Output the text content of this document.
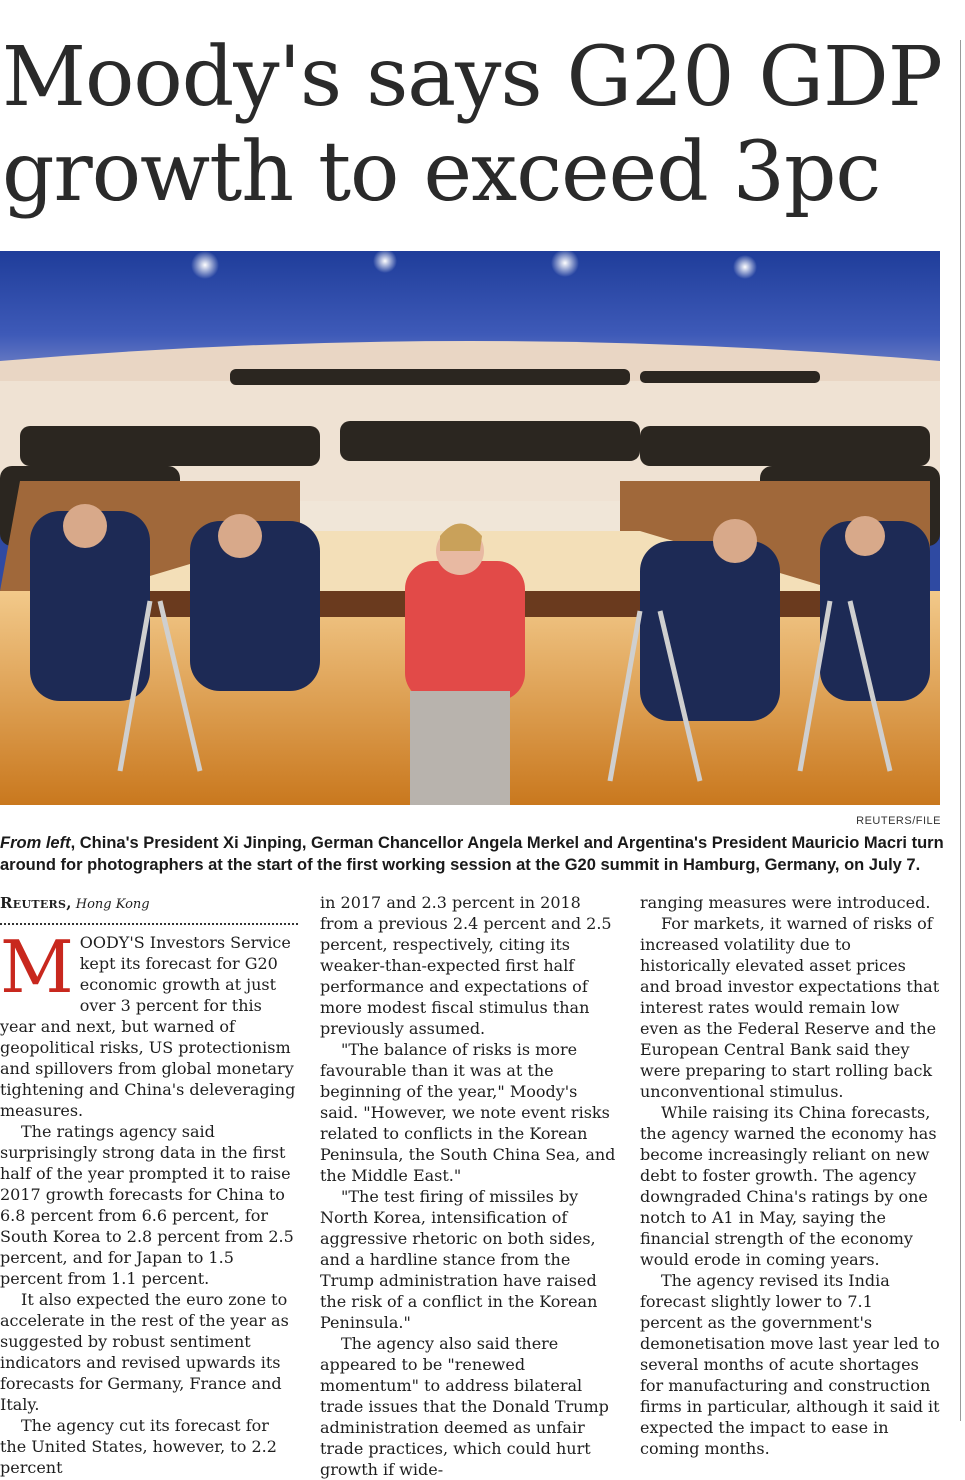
Moody's says G20 GDP
growth to exceed 3pc
REUTERS/FILE

From left, China's President Xi Jinping, German Chancellor Angela Merkel and Argentina's President Mauricio Macri turn around for photographers at the start of the first working session at the G20 summit in Hamburg, Germany, on July 7.

Reuters, Hong Kong

MOODY'S Investors Service kept its forecast for G20 economic growth at just over 3 percent for this year and next, but warned of geopolitical risks, US protectionism and spillovers from global monetary tightening and China's deleveraging measures.

The ratings agency said surprisingly strong data in the first half of the year prompted it to raise 2017 growth forecasts for China to 6.8 percent from 6.6 percent, for South Korea to 2.8 percent from 2.5 percent, and for Japan to 1.5 percent from 1.1 percent.

It also expected the euro zone to accelerate in the rest of the year as suggested by robust sentiment indicators and revised upwards its forecasts for Germany, France and Italy.

The agency cut its forecast for the United States, however, to 2.2 percent

in 2017 and 2.3 percent in 2018 from a previous 2.4 percent and 2.5 percent, respectively, citing its weaker-than-expected first half performance and expectations of more modest fiscal stimulus than previously assumed.

"The balance of risks is more favourable than it was at the beginning of the year," Moody's said. "However, we note event risks related to conflicts in the Korean Peninsula, the South China Sea, and the Middle East."

"The test firing of missiles by North Korea, intensification of aggressive rhetoric on both sides, and a hardline stance from the Trump administration have raised the risk of a conflict in the Korean Peninsula."

The agency also said there appeared to be "renewed momentum" to address bilateral trade issues that the Donald Trump administration deemed as unfair trade practices, which could hurt growth if wide-

ranging measures were introduced.

For markets, it warned of risks of increased volatility due to historically elevated asset prices and broad investor expectations that interest rates would remain low even as the Federal Reserve and the European Central Bank said they were preparing to start rolling back unconventional stimulus.

While raising its China forecasts, the agency warned the economy has become increasingly reliant on new debt to foster growth. The agency downgraded China's ratings by one notch to A1 in May, saying the financial strength of the economy would erode in coming years.

The agency revised its India forecast slightly lower to 7.1 percent as the government's demonetisation move last year led to several months of acute shortages for manufacturing and construction firms in particular, although it said it expected the impact to ease in coming months.
